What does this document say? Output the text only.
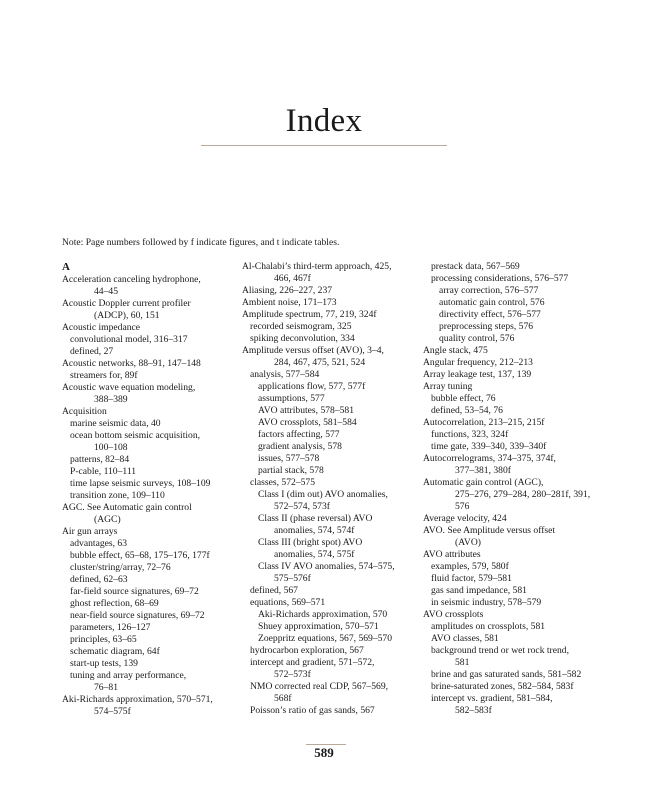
Index
Note: Page numbers followed by f indicate figures, and t indicate tables.
A
Acceleration canceling hydrophone,
44–45
Acoustic Doppler current profiler
(ADCP), 60, 151
Acoustic impedance
convolutional model, 316–317
defined, 27
Acoustic networks, 88–91, 147–148
streamers for, 89f
Acoustic wave equation modeling,
388–389
Acquisition
marine seismic data, 40
ocean bottom seismic acquisition,
100–108
patterns, 82–84
P-cable, 110–111
time lapse seismic surveys, 108–109
transition zone, 109–110
AGC. See Automatic gain control
(AGC)
Air gun arrays
advantages, 63
bubble effect, 65–68, 175–176, 177f
cluster/string/array, 72–76
defined, 62–63
far-field source signatures, 69–72
ghost reflection, 68–69
near-field source signatures, 69–72
parameters, 126–127
principles, 63–65
schematic diagram, 64f
start-up tests, 139
tuning and array performance,
76–81
Aki-Richards approximation, 570–571,
574–575f
Al-Chalabi’s third-term approach, 425,
466, 467f
Aliasing, 226–227, 237
Ambient noise, 171–173
Amplitude spectrum, 77, 219, 324f
recorded seismogram, 325
spiking deconvolution, 334
Amplitude versus offset (AVO), 3–4,
284, 467, 475, 521, 524
analysis, 577–584
applications flow, 577, 577f
assumptions, 577
AVO attributes, 578–581
AVO crossplots, 581–584
factors affecting, 577
gradient analysis, 578
issues, 577–578
partial stack, 578
classes, 572–575
Class I (dim out) AVO anomalies,
572–574, 573f
Class II (phase reversal) AVO
anomalies, 574, 574f
Class III (bright spot) AVO
anomalies, 574, 575f
Class IV AVO anomalies, 574–575,
575–576f
defined, 567
equations, 569–571
Aki-Richards approximation, 570
Shuey approximation, 570–571
Zoeppritz equations, 567, 569–570
hydrocarbon exploration, 567
intercept and gradient, 571–572,
572–573f
NMO corrected real CDP, 567–569,
568f
Poisson’s ratio of gas sands, 567
prestack data, 567–569
processing considerations, 576–577
array correction, 576–577
automatic gain control, 576
directivity effect, 576–577
preprocessing steps, 576
quality control, 576
Angle stack, 475
Angular frequency, 212–213
Array leakage test, 137, 139
Array tuning
bubble effect, 76
defined, 53–54, 76
Autocorrelation, 213–215, 215f
functions, 323, 324f
time gate, 339–340, 339–340f
Autocorrelograms, 374–375, 374f,
377–381, 380f
Automatic gain control (AGC),
275–276, 279–284, 280–281f, 391,
576
Average velocity, 424
AVO. See Amplitude versus offset
(AVO)
AVO attributes
examples, 579, 580f
fluid factor, 579–581
gas sand impedance, 581
in seismic industry, 578–579
AVO crossplots
amplitudes on crossplots, 581
AVO classes, 581
background trend or wet rock trend,
581
brine and gas saturated sands, 581–582
brine-saturated zones, 582–584, 583f
intercept vs. gradient, 581–584,
582–583f
589
